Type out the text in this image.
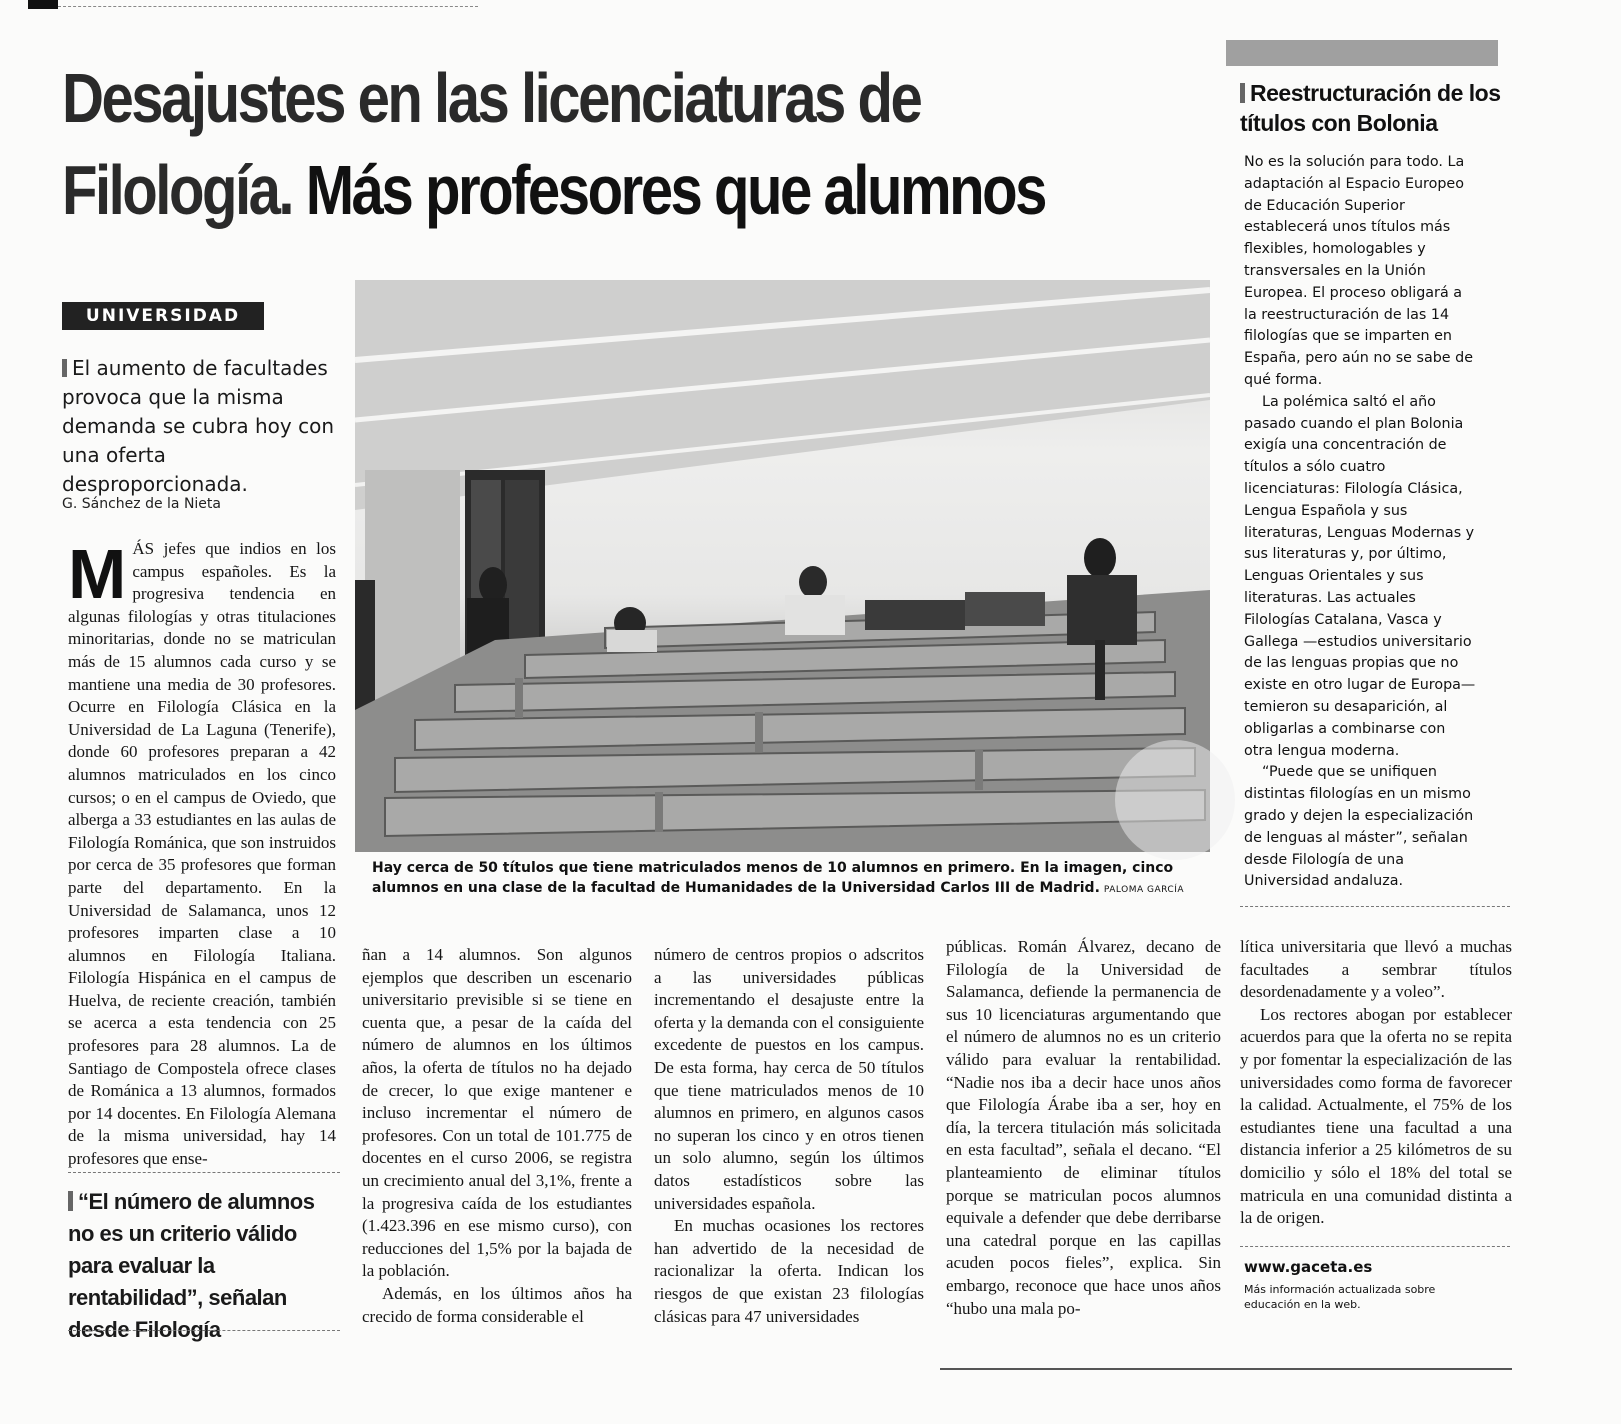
Desajustes en las licenciaturas de
Filología. Más profesores que alumnos
UNIVERSIDAD

El aumento de facultades provoca que la misma demanda se cubra hoy con una oferta desproporcionada.

G. Sánchez de la Nieta

MÁS jefes que indios en los campus españoles. Es la progresiva tendencia en algunas filologías y otras titulaciones minoritarias, donde no se matriculan más de 15 alumnos cada curso y se mantiene una media de 30 profesores. Ocurre en Filología Clásica en la Universidad de La Laguna (Tenerife), donde 60 profesores preparan a 42 alumnos matriculados en los cinco cursos; o en el campus de Oviedo, que alberga a 33 estudiantes en las aulas de Filología Románica, que son instruidos por cerca de 35 profesores que forman parte del departamento. En la Universidad de Salamanca, unos 12 profesores imparten clase a 10 alumnos en Filología Italiana. Filología Hispánica en el campus de Huelva, de reciente creación, también se acerca a esta tendencia con 25 profesores para 28 alumnos. La de Santiago de Compostela ofrece clases de Románica a 13 alumnos, formados por 14 docentes. En Filología Alemana de la misma universidad, hay 14 profesores que ense-

“El número de alumnos no es un criterio válido para evaluar la rentabilidad”, señalan desde Filología

Hay cerca de 50 títulos que tiene matriculados menos de 10 alumnos en primero. En la imagen, cinco alumnos en una clase de la facultad de Humanidades de la Universidad Carlos III de Madrid. PALOMA GARCÍA

ñan a 14 alumnos. Son algunos ejemplos que describen un escenario universitario previsible si se tiene en cuenta que, a pesar de la caída del número de alumnos en los últimos años, la oferta de títulos no ha dejado de crecer, lo que exige mantener e incluso incrementar el número de profesores. Con un total de 101.775 de docentes en el curso 2006, se registra un crecimiento anual del 3,1%, frente a la progresiva caída de los estudiantes (1.423.396 en ese mismo curso), con reducciones del 1,5% por la bajada de la población.

Además, en los últimos años ha crecido de forma considerable el

número de centros propios o adscritos a las universidades públicas incrementando el desajuste entre la oferta y la demanda con el consiguiente excedente de puestos en los campus. De esta forma, hay cerca de 50 títulos que tiene matriculados menos de 10 alumnos en primero, en algunos casos no superan los cinco y en otros tienen un solo alumno, según los últimos datos estadísticos sobre las universidades española.

En muchas ocasiones los rectores han advertido de la necesidad de racionalizar la oferta. Indican los riesgos de que existan 23 filologías clásicas para 47 universidades

públicas. Román Álvarez, decano de Filología de la Universidad de Salamanca, defiende la permanencia de sus 10 licenciaturas argumentando que el número de alumnos no es un criterio válido para evaluar la rentabilidad. “Nadie nos iba a decir hace unos años que Filología Árabe iba a ser, hoy en día, la tercera titulación más solicitada en esta facultad”, señala el decano. “El planteamiento de eliminar títulos porque se matriculan pocos alumnos equivale a defender que debe derribarse una catedral porque en las capillas acuden pocos fieles”, explica. Sin embargo, reconoce que hace unos años “hubo una mala po-

lítica universitaria que llevó a muchas facultades a sembrar títulos desordenadamente y a voleo”.

Los rectores abogan por establecer acuerdos para que la oferta no se repita y por fomentar la especialización de las universidades como forma de favorecer la calidad. Actualmente, el 75% de los estudiantes tiene una facultad a una distancia inferior a 25 kilómetros de su domicilio y sólo el 18% del total se matricula en una comunidad distinta a la de origen.

Reestructuración de los títulos con Bolonia

No es la solución para todo. La adaptación al Espacio Europeo de Educación Superior establecerá unos títulos más flexibles, homologables y transversales en la Unión Europea. El proceso obligará a la reestructuración de las 14 filologías que se imparten en España, pero aún no se sabe de qué forma.

La polémica saltó el año pasado cuando el plan Bolonia exigía una concentración de títulos a sólo cuatro licenciaturas: Filología Clásica, Lengua Española y sus literaturas, Lenguas Modernas y sus literaturas y, por último, Lenguas Orientales y sus literaturas. Las actuales Filologías Catalana, Vasca y Gallega —estudios universitario de las lenguas propias que no existe en otro lugar de Europa— temieron su desaparición, al obligarlas a combinarse con otra lengua moderna.

“Puede que se unifiquen distintas filologías en un mismo grado y dejen la especialización de lenguas al máster”, señalan desde Filología de una Universidad andaluza.

www.gaceta.es
Más información actualizada sobre educación en la web.
